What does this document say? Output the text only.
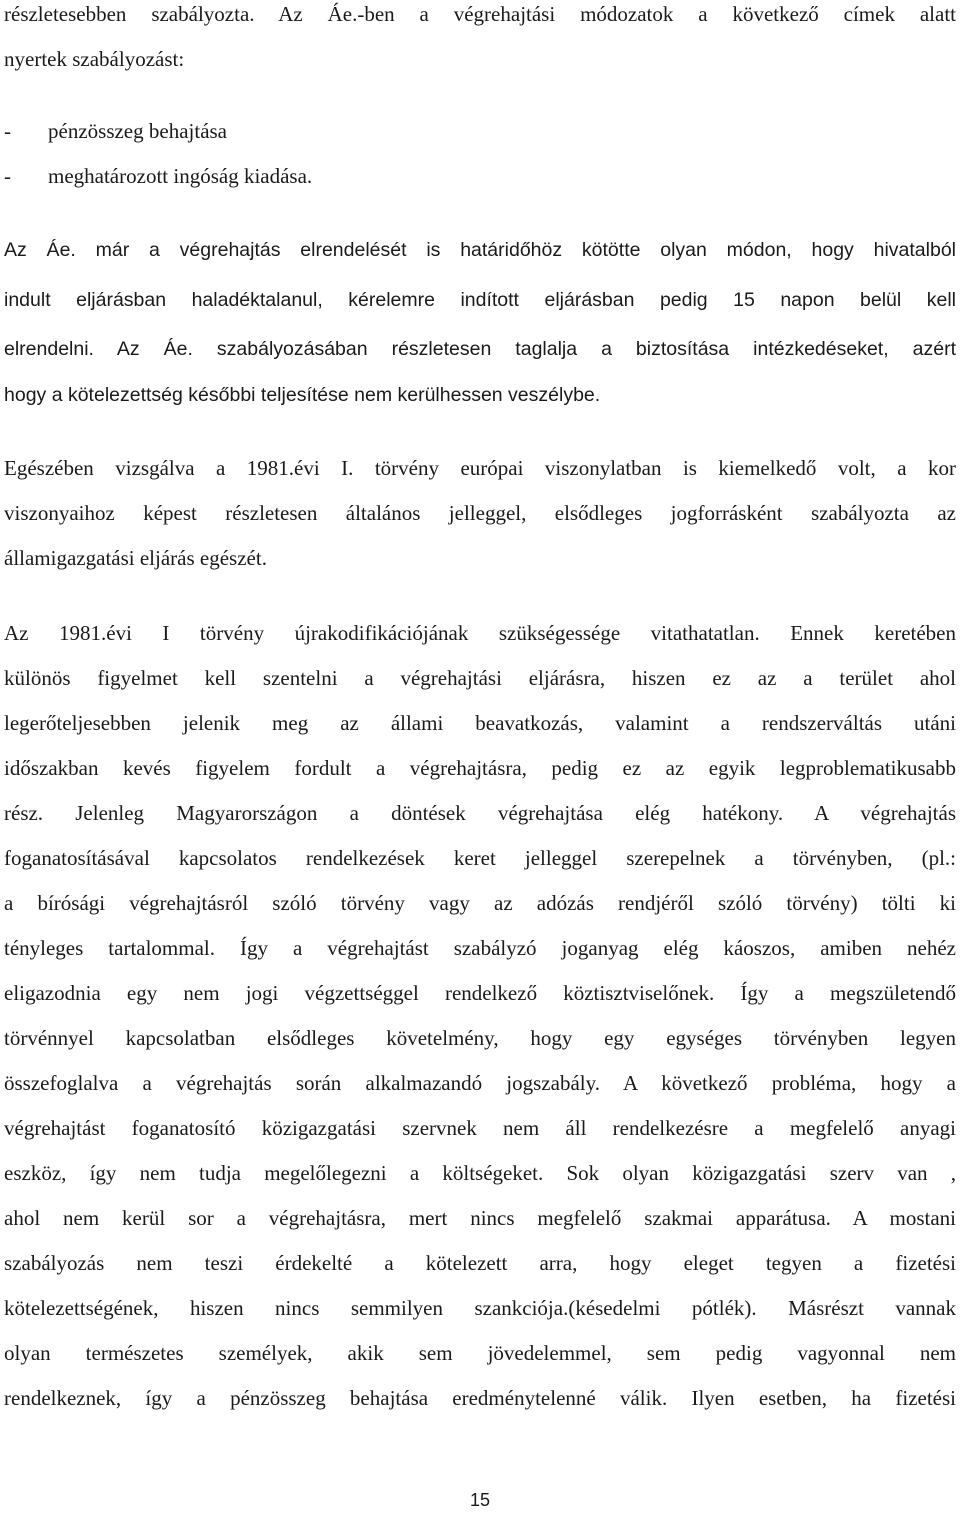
részletesebben szabályozta. Az Áe.-ben a végrehajtási módozatok a következő címek alatt
nyertek szabályozást:
- pénzösszeg behajtása
- meghatározott ingóság kiadása.
Az Áe. már a végrehajtás elrendelését is határidőhöz kötötte olyan módon, hogy hivatalból
indult eljárásban haladéktalanul, kérelemre indított eljárásban pedig 15 napon belül kell
elrendelni. Az Áe. szabályozásában részletesen taglalja a biztosítása intézkedéseket, azért
hogy a kötelezettség későbbi teljesítése nem kerülhessen veszélybe.
Egészében vizsgálva a 1981.évi I. törvény európai viszonylatban is kiemelkedő volt, a kor
viszonyaihoz képest részletesen általános jelleggel, elsődleges jogforrásként szabályozta az
államigazgatási eljárás egészét.
Az 1981.évi I törvény újrakodifikációjának szükségessége vitathatatlan. Ennek keretében
különös figyelmet kell szentelni a végrehajtási eljárásra, hiszen ez az a terület ahol
legerőteljesebben jelenik meg az állami beavatkozás, valamint a rendszerváltás utáni
időszakban kevés figyelem fordult a végrehajtásra, pedig ez az egyik legproblematikusabb
rész. Jelenleg Magyarországon a döntések végrehajtása elég hatékony. A végrehajtás
foganatosításával kapcsolatos rendelkezések keret jelleggel szerepelnek a törvényben, (pl.:
a bírósági végrehajtásról szóló törvény vagy az adózás rendjéről szóló törvény) tölti ki
tényleges tartalommal. Így a végrehajtást szabályzó joganyag elég káoszos, amiben nehéz
eligazodnia egy nem jogi végzettséggel rendelkező köztisztviselőnek. Így a megszületendő
törvénnyel kapcsolatban elsődleges követelmény, hogy egy egységes törvényben legyen
összefoglalva a végrehajtás során alkalmazandó jogszabály. A következő probléma, hogy a
végrehajtást foganatosító közigazgatási szervnek nem áll rendelkezésre a megfelelő anyagi
eszköz, így nem tudja megelőlegezni a költségeket. Sok olyan közigazgatási szerv van ,
ahol nem kerül sor a végrehajtásra, mert nincs megfelelő szakmai apparátusa. A mostani
szabályozás nem teszi érdekelté a kötelezett arra, hogy eleget tegyen a fizetési
kötelezettségének, hiszen nincs semmilyen szankciója.(késedelmi pótlék). Másrészt vannak
olyan természetes személyek, akik sem jövedelemmel, sem pedig vagyonnal nem
rendelkeznek, így a pénzösszeg behajtása eredménytelenné válik. Ilyen esetben, ha fizetési
15
